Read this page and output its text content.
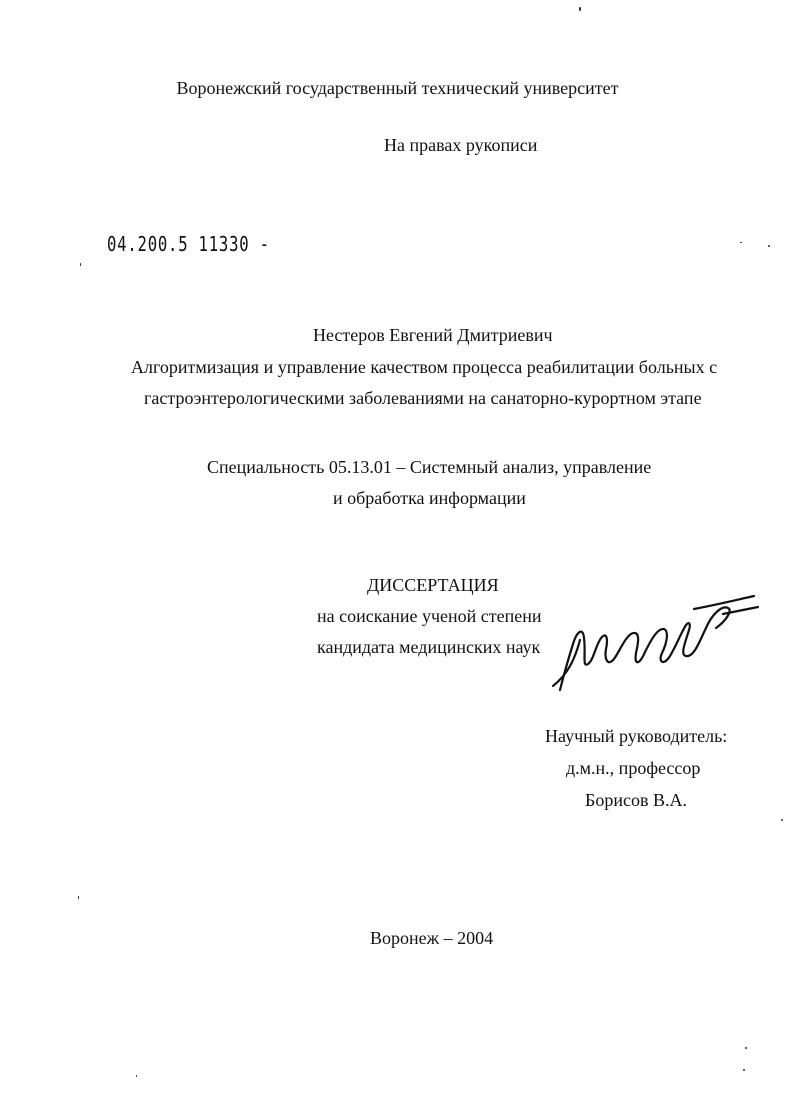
Воронежский государственный технический университет
На правах рукописи
04.200.5 11330 -
Нестеров Евгений Дмитриевич
Алгоритмизация и управление качеством процесса реабилитации больных с
гастроэнтерологическими заболеваниями на санаторно-курортном этапе
Специальность 05.13.01 – Системный анализ, управление
и обработка информации
ДИССЕРТАЦИЯ
на соискание ученой степени
кандидата медицинских наук
Научный руководитель:
д.м.н., профессор
Борисов В.А.
Воронеж – 2004
